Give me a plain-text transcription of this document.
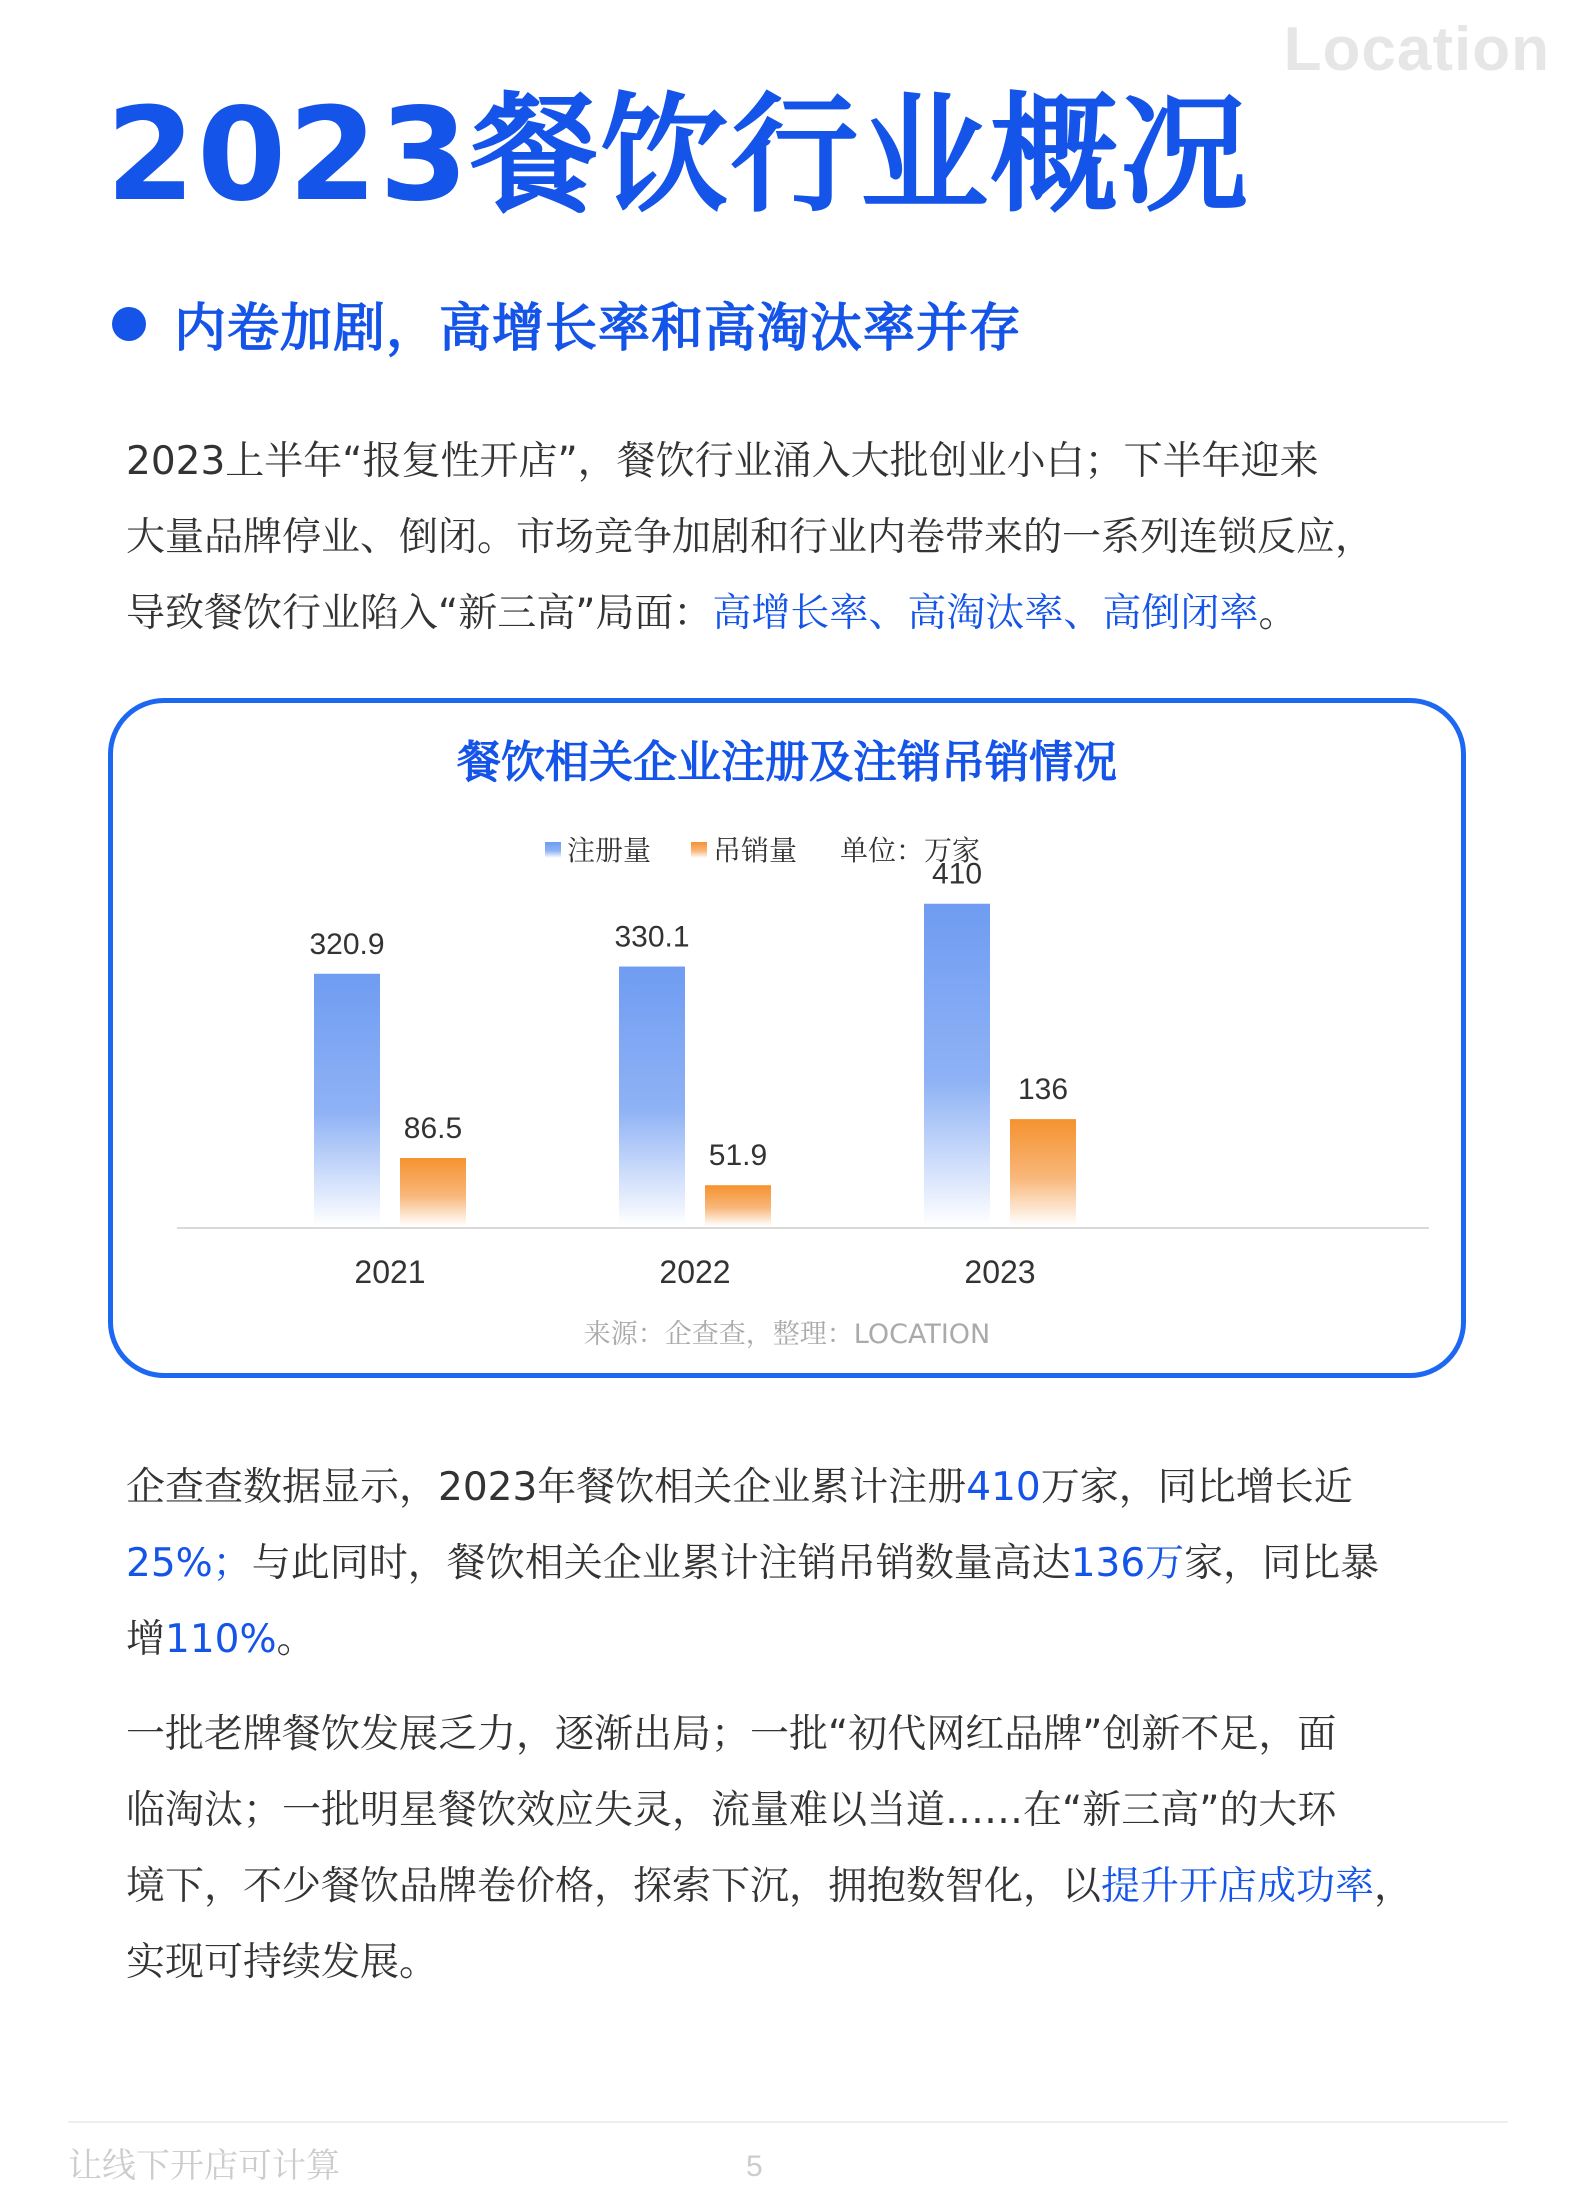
Location
2023餐饮行业概况
内卷加剧，高增长率和高淘汰率并存

2023上半年“报复性开店”，餐饮行业涌入大批创业小白；下半年迎来
大量品牌停业、倒闭。市场竞争加剧和行业内卷带来的一系列连锁反应，
导致餐饮行业陷入“新三高”局面：高增长率、高淘汰率、高倒闭率。

餐饮相关企业注册及注销吊销情况
注册量 吊销量 单位：万家
320.9
86.5
330.1
51.9
410
136
2021	2022	2023
来源：企查查，整理：LOCATION

企查查数据显示，2023年餐饮相关企业累计注册410万家，同比增长近
25%；与此同时，餐饮相关企业累计注销吊销数量高达136万家，同比暴
增110%。

一批老牌餐饮发展乏力，逐渐出局；一批“初代网红品牌”创新不足，面
临淘汰；一批明星餐饮效应失灵，流量难以当道……在“新三高”的大环
境下，不少餐饮品牌卷价格，探索下沉，拥抱数智化，以提升开店成功率，
实现可持续发展。

让线下开店可计算	5
